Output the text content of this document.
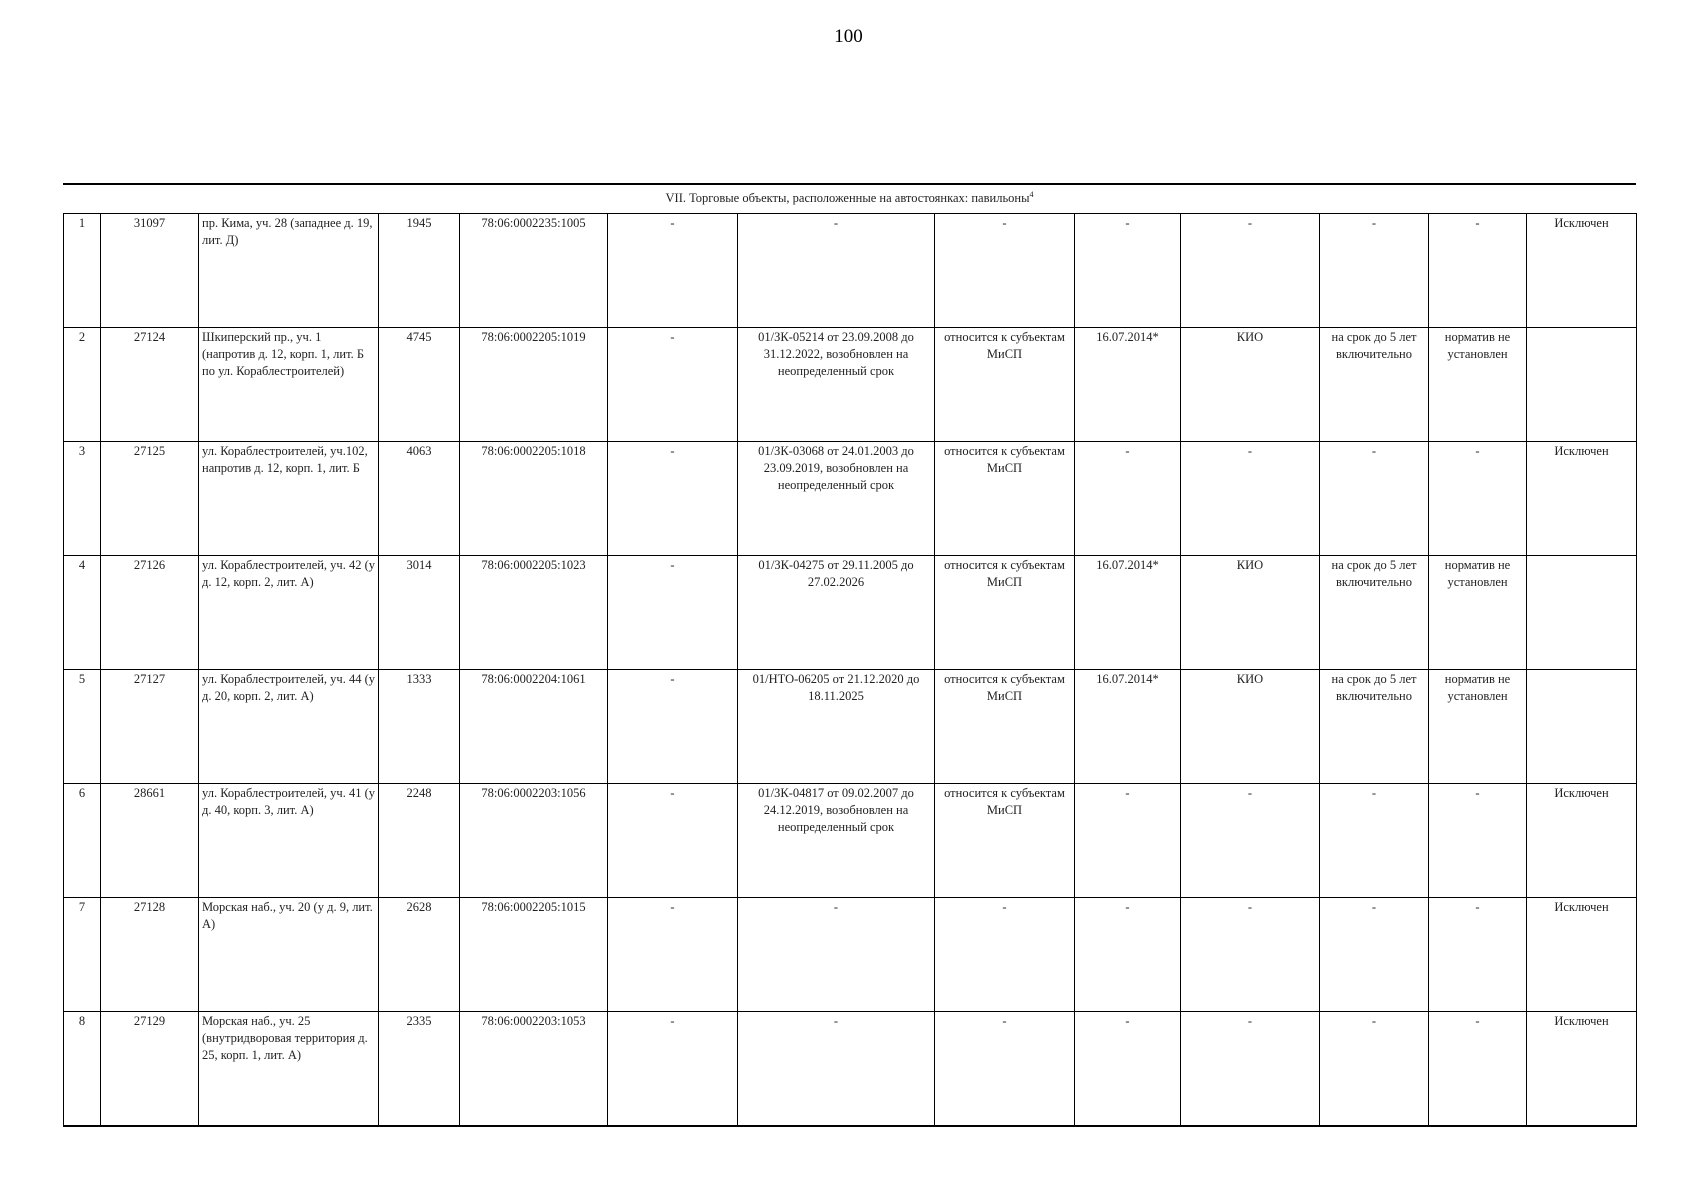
100
VII. Торговые объекты, расположенные на автостоянках: павильоны$^4$
1	31097	пр. Кима, уч. 28 (западнее д. 19, лит. Д)	1945	78:06:0002235:1005	-	-	-	-	-	-	-	Исключен
2	27124	Шкиперский пр., уч. 1 (напротив д. 12, корп. 1, лит. Б по ул. Кораблестроителей)	4745	78:06:0002205:1019	-	01/ЗК-05214 от 23.09.2008 до 31.12.2022, возобновлен на неопределенный срок	относится к субъектам МиСП	16.07.2014*	КИО	на срок до 5 лет включительно	норматив не установлен	
3	27125	ул. Кораблестроителей, уч.102, напротив д. 12, корп. 1, лит. Б	4063	78:06:0002205:1018	-	01/ЗК-03068 от 24.01.2003 до 23.09.2019, возобновлен на неопределенный срок	относится к субъектам МиСП	-	-	-	-	Исключен
4	27126	ул. Кораблестроителей, уч. 42 (у д. 12, корп. 2, лит. А)	3014	78:06:0002205:1023	-	01/ЗК-04275 от 29.11.2005 до 27.02.2026	относится к субъектам МиСП	16.07.2014*	КИО	на срок до 5 лет включительно	норматив не установлен	
5	27127	ул. Кораблестроителей, уч. 44 (у д. 20, корп. 2, лит. А)	1333	78:06:0002204:1061	-	01/НТО-06205 от 21.12.2020 до 18.11.2025	относится к субъектам МиСП	16.07.2014*	КИО	на срок до 5 лет включительно	норматив не установлен	
6	28661	ул. Кораблестроителей, уч. 41 (у д. 40, корп. 3, лит. А)	2248	78:06:0002203:1056	-	01/ЗК-04817 от 09.02.2007 до 24.12.2019, возобновлен на неопределенный срок	относится к субъектам МиСП	-	-	-	-	Исключен
7	27128	Морская наб., уч. 20 (у д. 9, лит. А)	2628	78:06:0002205:1015	-	-	-	-	-	-	-	Исключен
8	27129	Морская наб., уч. 25 (внутридворовая территория д. 25, корп. 1, лит. А)	2335	78:06:0002203:1053	-	-	-	-	-	-	-	Исключен
